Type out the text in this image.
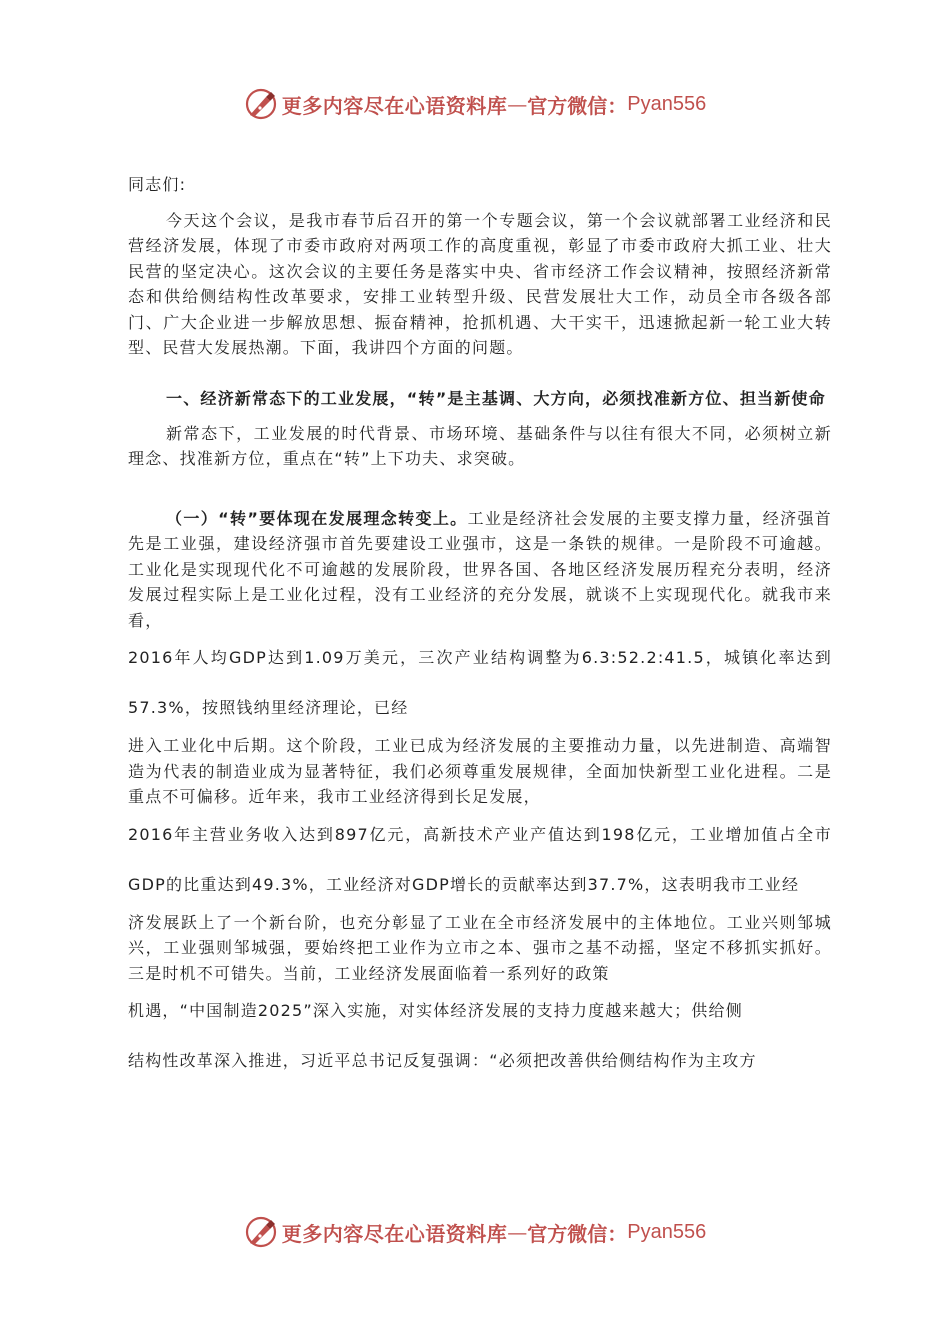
更多内容尽在心语资料库 — 官方微信： Pyan556

同志们:

今天这个会议，是我市春节后召开的第一个专题会议，第一个会议就部署工业经济和民营经济发展，体现了市委市政府对两项工作的高度重视，彰显了市委市政府大抓工业、壮大民营的坚定决心。这次会议的主要任务是落实中央、省市经济工作会议精神，按照经济新常态和供给侧结构性改革要求，安排工业转型升级、民营发展壮大工作，动员全市各级各部门、广大企业进一步解放思想、振奋精神，抢抓机遇、大干实干，迅速掀起新一轮工业大转型、民营大发展热潮。下面，我讲四个方面的问题。

一、经济新常态下的工业发展，“转”是主基调、大方向，必须找准新方位、担当新使命

新常态下，工业发展的时代背景、市场环境、基础条件与以往有很大不同，必须树立新理念、找准新方位，重点在“转”上下功夫、求突破。

（一）“转”要体现在发展理念转变上。工业是经济社会发展的主要支撑力量，经济强首先是工业强，建设经济强市首先要建设工业强市，这是一条铁的规律。一是阶段不可逾越。工业化是实现现代化不可逾越的发展阶段，世界各国、各地区经济发展历程充分表明，经济发展过程实际上是工业化过程，没有工业经济的充分发展，就谈不上实现现代化。就我市来看，

2016年人均GDP达到1.09万美元，三次产业结构调整为6.3:52.2:41.5，城镇化率达到57.3%，按照钱纳里经济理论，已经

进入工业化中后期。这个阶段，工业已成为经济发展的主要推动力量，以先进制造、高端智造为代表的制造业成为显著特征，我们必须尊重发展规律，全面加快新型工业化进程。二是重点不可偏移。近年来，我市工业经济得到长足发展，

2016年主营业务收入达到897亿元，高新技术产业产值达到198亿元，工业增加值占全市GDP的比重达到49.3%，工业经济对GDP增长的贡献率达到37.7%，这表明我市工业经

济发展跃上了一个新台阶，也充分彰显了工业在全市经济发展中的主体地位。工业兴则邹城兴，工业强则邹城强，要始终把工业作为立市之本、强市之基不动摇，坚定不移抓实抓好。三是时机不可错失。当前，工业经济发展面临着一系列好的政策

机遇，“中国制造2025”深入实施，对实体经济发展的支持力度越来越大；供给侧

结构性改革深入推进，习近平总书记反复强调：“必须把改善供给侧结构作为主攻方

更多内容尽在心语资料库 — 官方微信： Pyan556
